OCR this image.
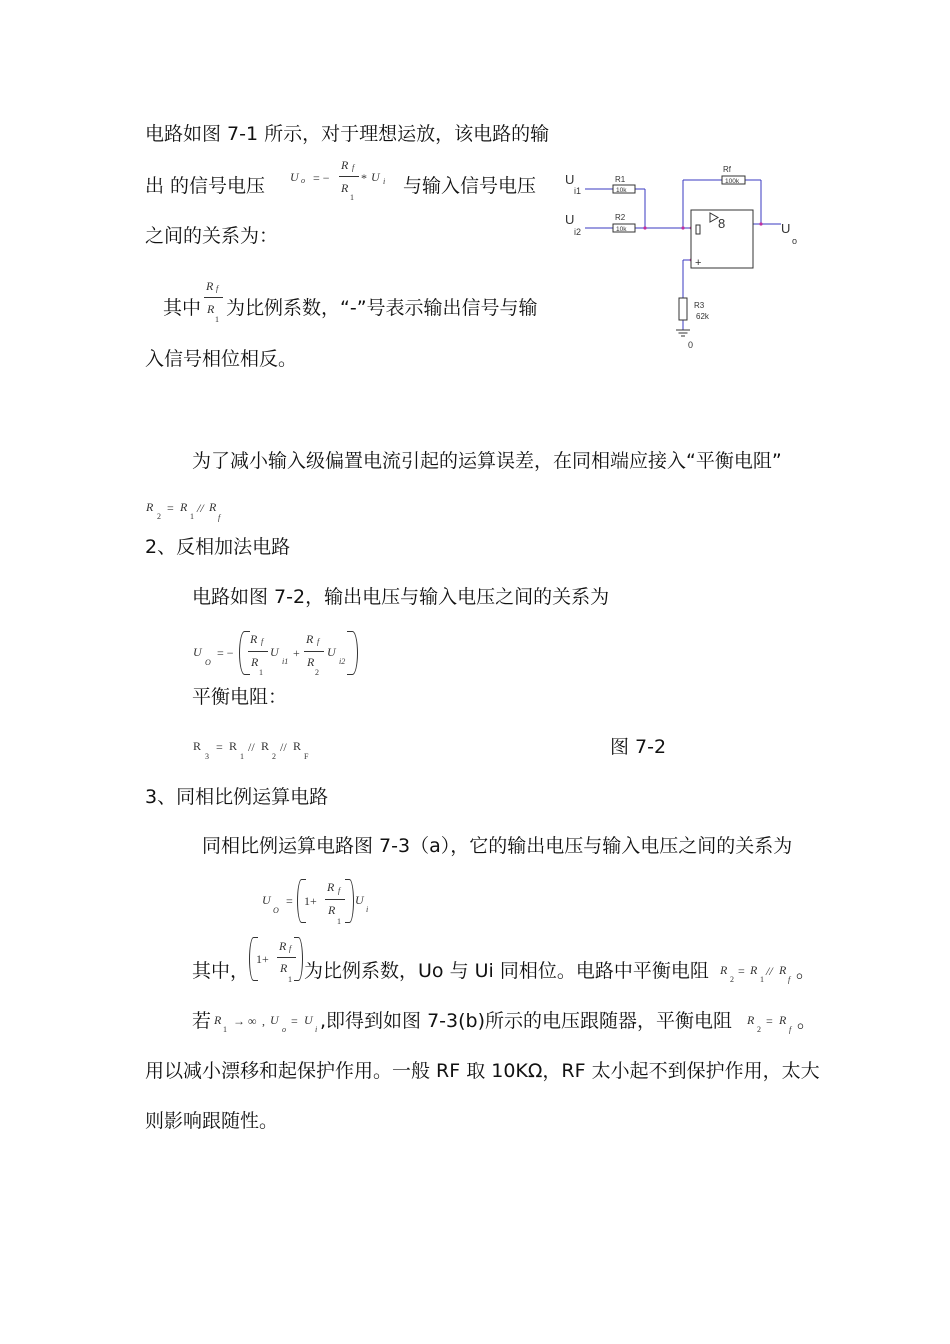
电路如图 7-1 所示，对于理想运放，该电路的输
出 的信号电压 U o = −
R f
R
1
* U i 与输入信号电压
之间的关系为：
其中
R f
R
1
为比例系数，“-”号表示输出信号与输
入信号相位相反。
U
i1
U
i2
R1
10k
R2
10k
Rf
100k
R3
62k
8
+
U
o
0
为了减小输入级偏置电流引起的运算误差，在同相端应接入“平衡电阻”
R
2
= R
1
// R
f
2、反相加法电路
电路如图 7-2，输出电压与输入电压之间的关系为
U
O
= −
R f
R
1
U
i1
+
R f
R
2
U
i2
平衡电阻：
R
3
= R
1
// R
2
// R
F	图 7-2
3、同相比例运算电路
同相比例运算电路图 7-3（a），它的输出电压与输入电压之间的关系为
U
O
= 1+
R f
R
1
U
i
其中，
1+
R f
R
1 为比例系数，Uo 与 Ui 同相位。电路中平衡电阻 R
2
= R
1
// R
f 。
若 R
1
→ ∞ , U
o
= U
i ,即得到如图 7-3(b)所示的电压跟随器，平衡电阻 R
2
= R
f 。
用以减小漂移和起保护作用。一般 RF 取 10KΩ，RF 太小起不到保护作用，太大
则影响跟随性。
